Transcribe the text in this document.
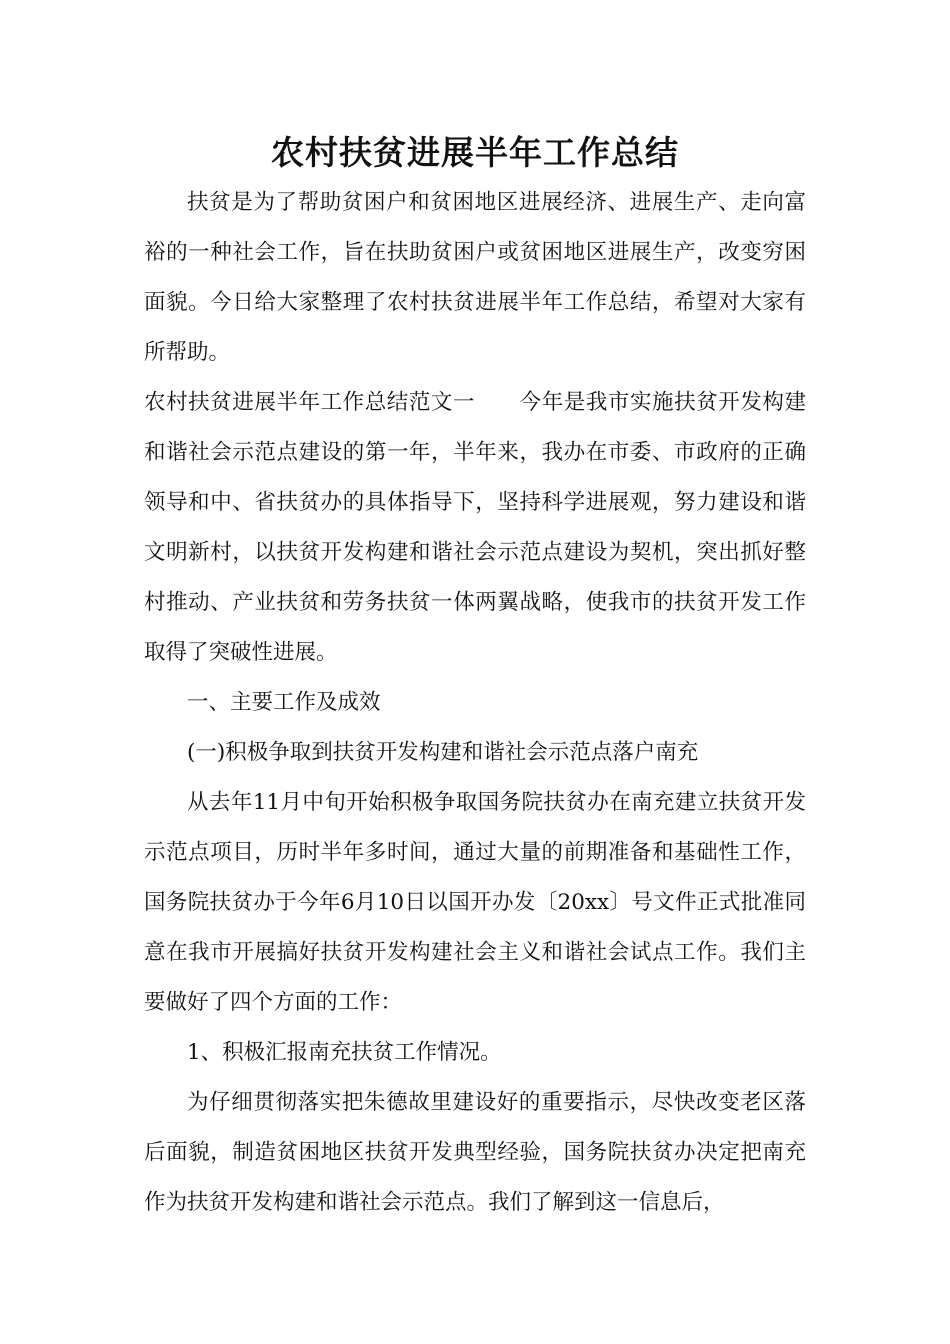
农村扶贫进展半年工作总结

扶贫是为了帮助贫困户和贫困地区进展经济、进展生产、走向富裕的一种社会工作，旨在扶助贫困户或贫困地区进展生产，改变穷困面貌。今日给大家整理了农村扶贫进展半年工作总结，希望对大家有所帮助。

农村扶贫进展半年工作总结范文一 今年是我市实施扶贫开发构建和谐社会示范点建设的第一年，半年来，我办在市委、市政府的正确领导和中、省扶贫办的具体指导下，坚持科学进展观，努力建设和谐文明新村，以扶贫开发构建和谐社会示范点建设为契机，突出抓好整村推动、产业扶贫和劳务扶贫一体两翼战略，使我市的扶贫开发工作取得了突破性进展。

一、主要工作及成效

(一)积极争取到扶贫开发构建和谐社会示范点落户南充

从去年11月中旬开始积极争取国务院扶贫办在南充建立扶贫开发示范点项目，历时半年多时间，通过大量的前期准备和基础性工作，国务院扶贫办于今年6月10日以国开办发〔20xx〕号文件正式批准同意在我市开展搞好扶贫开发构建社会主义和谐社会试点工作。我们主要做好了四个方面的工作：

1、积极汇报南充扶贫工作情况。

为仔细贯彻落实把朱德故里建设好的重要指示，尽快改变老区落后面貌，制造贫困地区扶贫开发典型经验，国务院扶贫办决定把南充作为扶贫开发构建和谐社会示范点。我们了解到这一信息后，
